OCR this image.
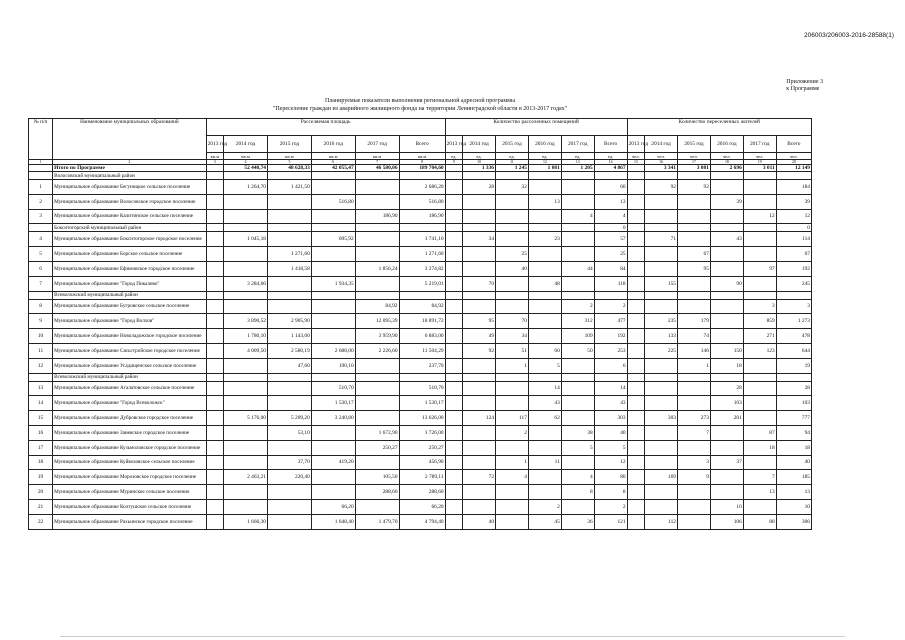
206003/206003-2016-28588(1)
Приложение 3
к Программе
Планируемые показатели выполнения региональной адресной программы
"Переселение граждан из аварийного жилищного фонда на территории Ленинградской области в 2013-2017 годах"
№ п/п	Наименование муниципальных образований	Расселяемая площадь						Количество расселенных помещений						Количество переселенных жителей					
		2013 год	2014 год	2015 год	2016 год	2017 год	Всего	2013 год	2014 год	2015 год	2016 год	2017 год	Всего	2013 год	2014 год	2015 год	2016 год	2017 год	Всего
		кв.м	кв.м	кв.м	кв.м	кв.м	кв.м	ед.	ед.	ед.	ед.	ед.	ед.	чел.	чел.	чел.	чел.	чел.	чел.
1	2	3	4	5	6	7	8	9	10	11	12	13	14	15	16	17	18	19	20
	Итого по Программе		52 440,74	48 628,33	42 055,47	46 580,06	189 704,60		1 336	1 245	1 081	1 205	4 867		3 341	3 081	2 696	3 011	12 149
	Волосовский муниципальный район																		
1	Муниципальное образование Бегуницкое сельское поселение		1 264,70	1 421,50			2 686,20		28	32			60		92	92			184
2	Муниципальное образование Волосовское городское поселение				516,80		516,80				13		13				39		39
3	Муниципальное образование Калитинское сельское поселение					186,90	186,90					4	4					12	12
	Бокситогорский муниципальный район												0						0
4	Муниципальное образование Бокситогорское городское поселение		1 045,18		695,92		1 741,10		34		23		57		71		43		114
5	Муниципальное образование Борское сельское поселение			1 271,60			1 271,60			25			25			67			67
6	Муниципальное образование Ефимовское городское поселение			1 418,58		1 856,24	3 274,82			40		44	84			95		97	192
7	Муниципальное образование "Город Пикалево"		3 284,66		1 934,35		5 219,01		70		48		118		155		90		245
	Всеволожский муниципальный район																		
8	Муниципальное образование Бугровское сельское поселение					84,92	84,92					2	2					3	3
9	Муниципальное образование "Город Волхов"		3 890,52	2 905,90		12 095,39	18 891,72		95	70		312	477		235	179		859	1 273
10	Муниципальное образование Новоладожское городское поселение		1 780,10	1 143,00		3 959,90	6 883,00		49	34		109	192		133	74		271	478
11	Муниципальное образование Сясьстройское городское поселение		4 009,50	2 580,19	2 688,00	2 226,60	11 504,29		92	51	60	50	253		225	146	150	123	644
12	Муниципальное образование Усадищенское сельское поселение			47,60	190,10		237,70			1	5		6			1	18		19
	Всеволожский муниципальный район																		
13	Муниципальное образование Агалатовское сельское поселение				510,70		510,70				14		14				28		28
14	Муниципальное образование "Город Всеволожск"				1 530,17		1 530,17				43		43				103		103
15	Муниципальное образование Дубровское городское поселение		5 176,00	5 209,20	3 240,80		13 626,00		124	117	62		303		303	273	201		777
16	Муниципальное образование Заневское городское поселение			53,10		1 672,90	1 726,00			2		38	40			7		87	94
17	Муниципальное образование Кузьмоловское городское поселение					250,27	250,27					5	5					18	18
18	Муниципальное образование Куйвозовское сельское поселение			37,70	419,20		456,90			1	11		12			3	37		40
19	Муниципальное образование Морозовское городское поселение		2 463,21	220,40		105,50	2 789,11		72	4		4	80		169	9		7	185
20	Муниципальное образование Муринское сельское поселение					288,60	288,60					8	8					13	13
21	Муниципальное образование Колтушское сельское поселение				66,20		66,20				2		2				10		10
22	Муниципальное образование Рахьинское городское поселение		1 666,30		1 648,40	1 479,70	4 794,40		40		45	36	121		112		106	88	306
